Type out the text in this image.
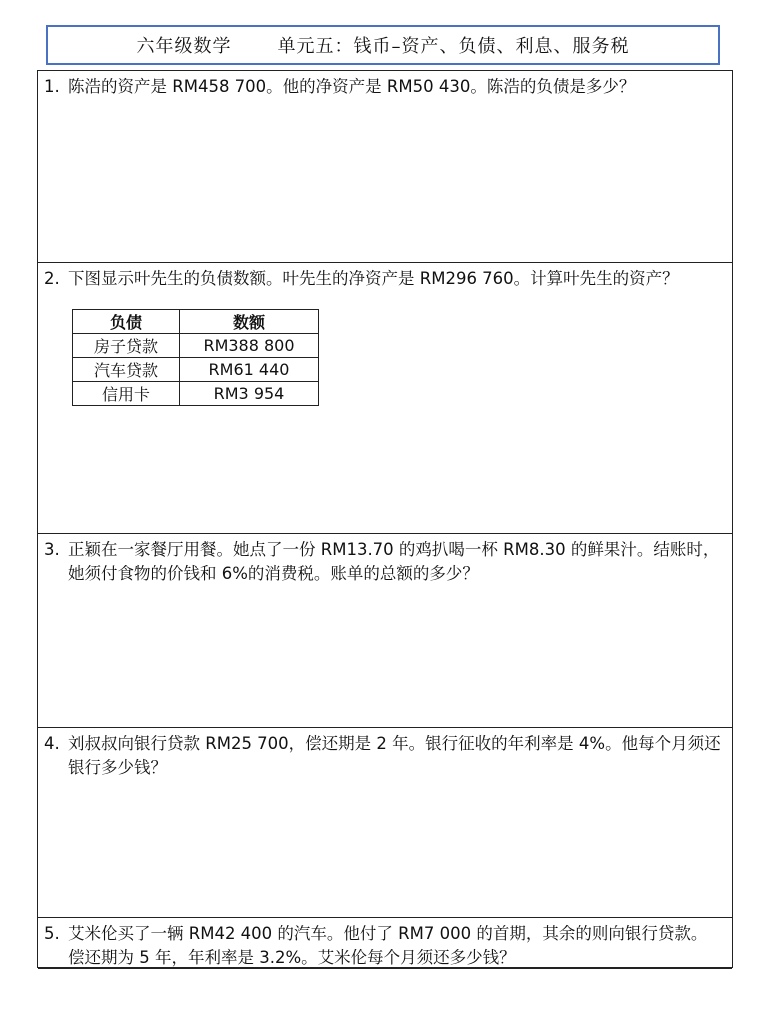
六年级数学	单元五：钱币–资产、负债、利息、服务税
1. 陈浩的资产是 RM458 700。他的净资产是 RM50 430。陈浩的负债是多少？
2. 下图显示叶先生的负债数额。叶先生的净资产是 RM296 760。计算叶先生的资产？
3. 正颖在一家餐厅用餐。她点了一份 RM13.70 的鸡扒喝一杯 RM8.30 的鲜果汁。结账时，她须付食物的价钱和 6%的消费税。账单的总额的多少？
4. 刘叔叔向银行贷款 RM25 700，偿还期是 2 年。银行征收的年利率是 4%。他每个月须还银行多少钱？
5. 艾米伦买了一辆 RM42 400 的汽车。他付了 RM7 000 的首期，其余的则向银行贷款。偿还期为 5 年，年利率是 3.2%。艾米伦每个月须还多少钱？
负债	数额
房子贷款	RM388 800
汽车贷款	RM61 440
信用卡	RM3 954
